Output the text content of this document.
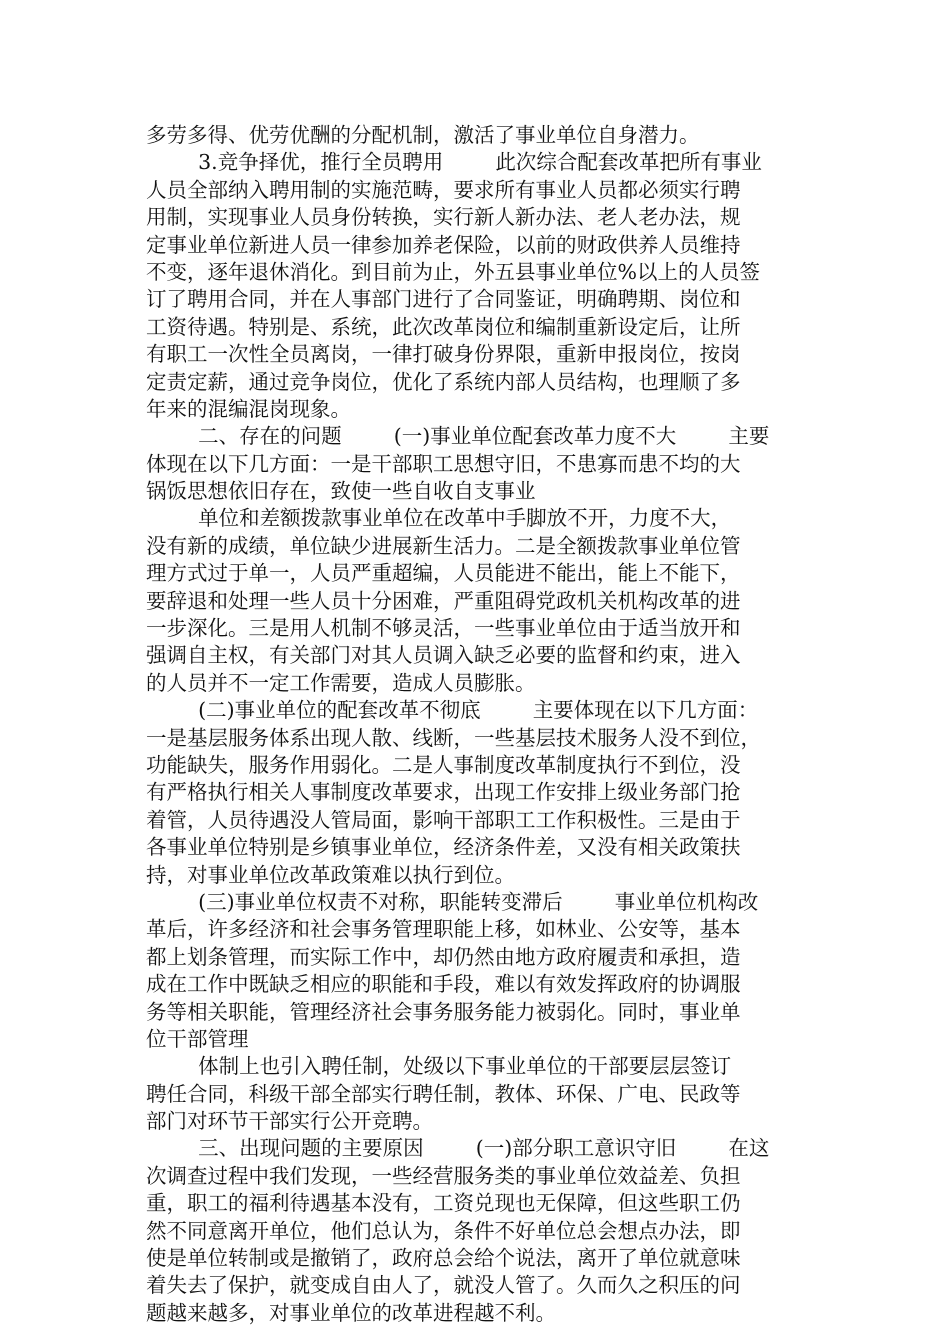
多劳多得、优劳优酬的分配机制，激活了事业单位自身潜力。
3.竞争择优，推行全员聘用        此次综合配套改革把所有事业
人员全部纳入聘用制的实施范畴，要求所有事业人员都必须实行聘
用制，实现事业人员身份转换，实行新人新办法、老人老办法，规
定事业单位新进人员一律参加养老保险，以前的财政供养人员维持
不变，逐年退休消化。到目前为止，外五县事业单位%以上的人员签
订了聘用合同，并在人事部门进行了合同鉴证，明确聘期、岗位和
工资待遇。特别是、系统，此次改革岗位和编制重新设定后，让所
有职工一次性全员离岗，一律打破身份界限，重新申报岗位，按岗
定责定薪，通过竞争岗位，优化了系统内部人员结构，也理顺了多
年来的混编混岗现象。
二、存在的问题        (一)事业单位配套改革力度不大        主要
体现在以下几方面：一是干部职工思想守旧，不患寡而患不均的大
锅饭思想依旧存在，致使一些自收自支事业
单位和差额拨款事业单位在改革中手脚放不开，力度不大，
没有新的成绩，单位缺少进展新生活力。二是全额拨款事业单位管
理方式过于单一，人员严重超编，人员能进不能出，能上不能下，
要辞退和处理一些人员十分困难，严重阻碍党政机关机构改革的进
一步深化。三是用人机制不够灵活，一些事业单位由于适当放开和
强调自主权，有关部门对其人员调入缺乏必要的监督和约束，进入
的人员并不一定工作需要，造成人员膨胀。
(二)事业单位的配套改革不彻底        主要体现在以下几方面：
一是基层服务体系出现人散、线断，一些基层技术服务人没不到位，
功能缺失，服务作用弱化。二是人事制度改革制度执行不到位，没
有严格执行相关人事制度改革要求，出现工作安排上级业务部门抢
着管，人员待遇没人管局面，影响干部职工工作积极性。三是由于
各事业单位特别是乡镇事业单位，经济条件差，又没有相关政策扶
持，对事业单位改革政策难以执行到位。
(三)事业单位权责不对称，职能转变滞后        事业单位机构改
革后，许多经济和社会事务管理职能上移，如林业、公安等，基本
都上划条管理，而实际工作中，却仍然由地方政府履责和承担，造
成在工作中既缺乏相应的职能和手段，难以有效发挥政府的协调服
务等相关职能，管理经济社会事务服务能力被弱化。同时，事业单
位干部管理
体制上也引入聘任制，处级以下事业单位的干部要层层签订
聘任合同，科级干部全部实行聘任制，教体、环保、广电、民政等
部门对环节干部实行公开竞聘。
三、出现问题的主要原因        (一)部分职工意识守旧        在这
次调查过程中我们发现，一些经营服务类的事业单位效益差、负担
重，职工的福利待遇基本没有，工资兑现也无保障，但这些职工仍
然不同意离开单位，他们总认为，条件不好单位总会想点办法，即
使是单位转制或是撤销了，政府总会给个说法，离开了单位就意味
着失去了保护，就变成自由人了，就没人管了。久而久之积压的问
题越来越多，对事业单位的改革进程越不利。
